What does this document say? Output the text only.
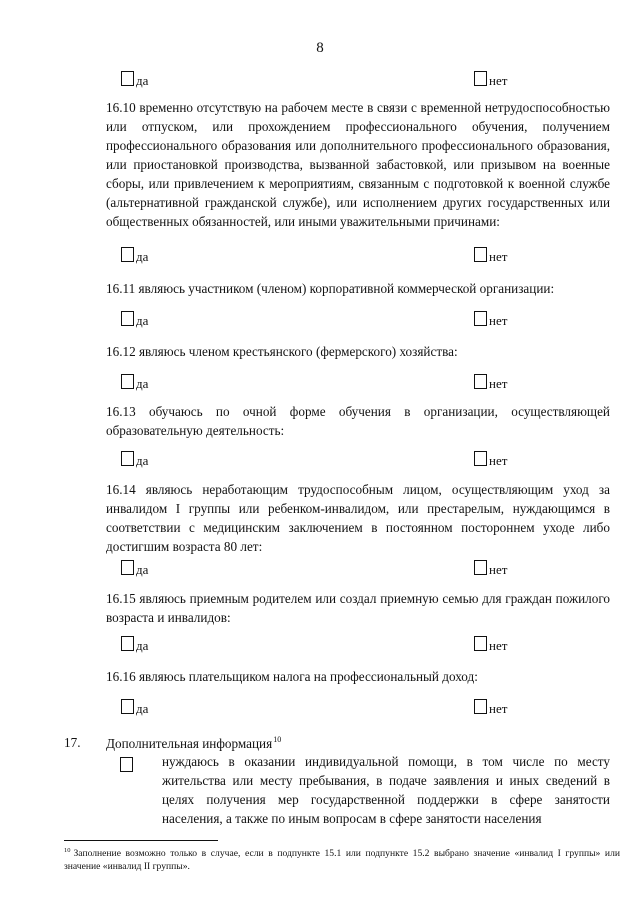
8
да	нет
16.10 временно отсутствую на рабочем месте в связи с временной нетрудоспособностью или отпуском, или прохождением профессионального обучения, получением профессионального образования или дополнительного профессионального образования, или приостановкой производства, вызванной забастовкой, или призывом на военные сборы, или привлечением к мероприятиям, связанным с подготовкой к военной службе (альтернативной гражданской службе), или исполнением других государственных или общественных обязанностей, или иными уважительными причинами:
да	нет
16.11 являюсь участником (членом) корпоративной коммерческой организации:
да	нет
16.12 являюсь членом крестьянского (фермерского) хозяйства:
да	нет
16.13 обучаюсь по очной форме обучения в организации, осуществляющей образовательную деятельность:
да	нет
16.14 являюсь неработающим трудоспособным лицом, осуществляющим уход за инвалидом I группы или ребенком-инвалидом, или престарелым, нуждающимся в соответствии с медицинским заключением в постоянном постороннем уходе либо достигшим возраста 80 лет:
да	нет
16.15 являюсь приемным родителем или создал приемную семью для граждан пожилого возраста и инвалидов:
да	нет
16.16 являюсь плательщиком налога на профессиональный доход:
да	нет
17. Дополнительная информация$^{10}$
нуждаюсь в оказании индивидуальной помощи, в том числе по месту жительства или месту пребывания, в подаче заявления и иных сведений в целях получения мер государственной поддержки в сфере занятости населения, а также по иным вопросам в сфере занятости населения
$^{10}$ Заполнение возможно только в случае, если в подпункте 15.1 или подпункте 15.2 выбрано значение «инвалид I группы» или значение «инвалид II группы».
